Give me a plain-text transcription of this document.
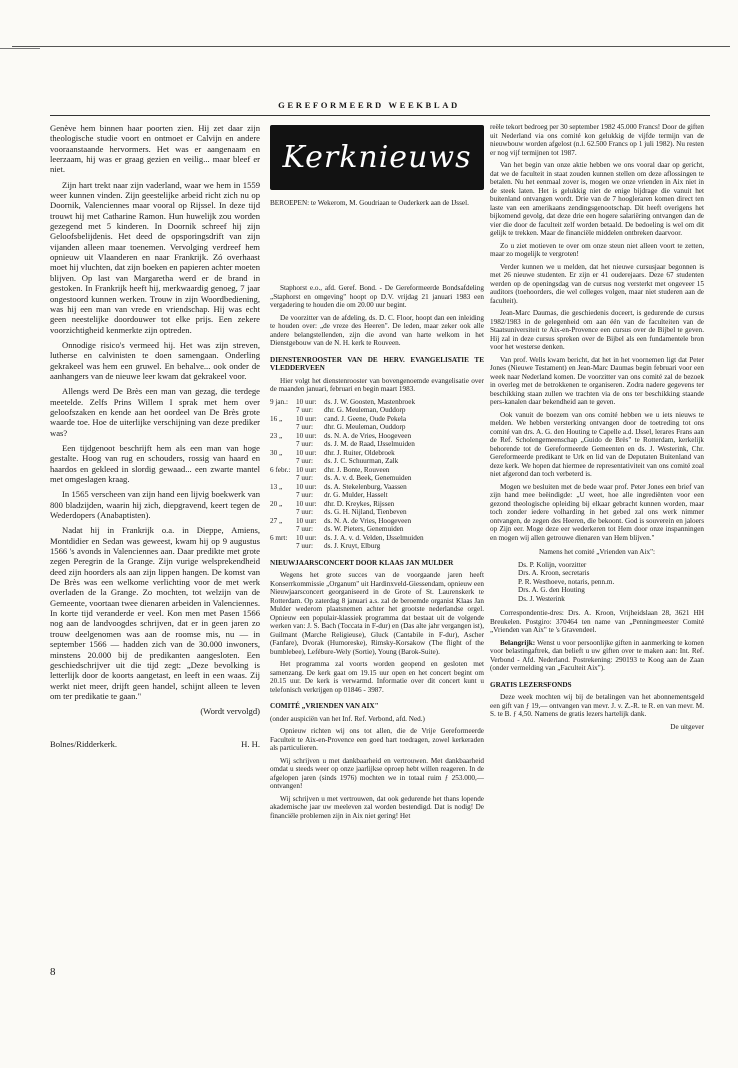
GEREFORMEERD WEEKBLAD

Genève hem binnen haar poorten zien. Hij zet daar zijn theologische studie voort en ontmoet er Calvijn en andere vooraanstaande hervormers. Het was er aangenaam en leerzaam, hij was er graag gezien en veilig... maar bleef er niet.

Zijn hart trekt naar zijn vaderland, waar we hem in 1559 weer kunnen vinden. Zijn geestelijke arbeid richt zich nu op Doornik, Valenciennes maar vooral op Rijssel. In deze tijd trouwt hij met Catharine Ramon. Hun huwelijk zou worden gezegend met 5 kinderen. In Doornik schreef hij zijn Geloofsbelijdenis. Het deed de opsporingsdrift van zijn vijanden alleen maar toenemen. Vervolging verdreef hem opnieuw uit Vlaanderen en naar Frankrijk. Zó overhaast moet hij vluchten, dat zijn boeken en papieren achter moeten blijven. Op last van Margaretha werd er de brand in gestoken. In Frankrijk heeft hij, merkwaardig genoeg, 7 jaar ongestoord kunnen werken. Trouw in zijn Woordbediening, was hij een man van vrede en vriendschap. Hij was echt geen neestelijke doordouwer tot elke prijs. Een zekere voorzichtigheid kenmerkte zijn optreden.

Onnodige risico's vermeed hij. Het was zijn streven, lutherse en calvinisten te doen samengaan. Onderling gekrakeel was hem een gruwel. En behalve... ook onder de aanhangers van de nieuwe leer kwam dat gekrakeel voor.

Allengs werd De Brès een man van gezag, die terdege meetelde. Zelfs Prins Willem I sprak met hem over geloofszaken en kende aan het oordeel van De Brès grote waarde toe. Hoe de uiterlijke verschijning van deze prediker was?

Een tijdgenoot beschrijft hem als een man van hoge gestalte. Hoog van rug en schouders, rossig van haard en haardos en gekleed in slordig gewaad... een zwarte mantel met omgeslagen kraag.

In 1565 verscheen van zijn hand een lijvig boekwerk van 800 bladzijden, waarin hij zich, diepgravend, keert tegen de Wederdopers (Anabaptisten).

Nadat hij in Frankrijk o.a. in Dieppe, Amiens, Montdidier en Sedan was geweest, kwam hij op 9 augustus 1566 's avonds in Valenciennes aan. Daar predikte met grote zegen Peregrin de la Grange. Zijn vurige welsprekendheid deed zijn hoorders als aan zijn lippen hangen. De komst van De Brès was een welkome verlichting voor de met werk overladen de la Grange. Zo mochten, tot welzijn van de Gemeente, voortaan twee dienaren arbeiden in Valenciennes. In korte tijd veranderde er veel. Kon men met Pasen 1566 nog aan de landvoogdes schrijven, dat er in geen jaren zo trouw deelgenomen was aan de roomse mis, nu — in september 1566 — hadden zich van de 30.000 inwoners, minstens 20.000 bij de predikanten aangesloten. Een geschiedschrijver uit die tijd zegt: „Deze bevolking is letterlijk door de koorts aangetast, en leeft in een waas. Zij werkt niet meer, drijft geen handel, schijnt alleen te leven om ter predikatie te gaan."

(Wordt vervolgd)
Bolnes/Ridderkerk.	H. H.
Kerknieuws
BEROEPEN: te Wekerom, M. Goudriaan te Ouderkerk aan de IJssel.

Staphorst e.o., afd. Geref. Bond. - De Gereformeerde Bondsafdeling „Staphorst en omgeving" hoopt op D.V. vrijdag 21 januari 1983 een vergadering te houden die om 20.00 uur begint.

De voorzitter van de afdeling, ds. D. C. Floor, hoopt dan een inleiding te houden over: „de vreze des Heeren". De leden, maar zeker ook alle andere belangstellenden, zijn die avond van harte welkom in het Dienstgebouw van de N. H. kerk te Rouveen.

DIENSTENROOSTER VAN DE HERV. EVANGELISATIE TE VLEDDERVEEN

Hier volgt het dienstenrooster van bovengenoemde evangelisatie over de maanden januari, februari en begin maart 1983.

9 jan.:	10 uur:	ds. J. W. Goosten, Mastenbroek
	7 uur:	dhr. G. Meuleman, Ouddorp
16 „	10 uur:	cand. J. Geene, Oude Pekela
	7 uur:	dhr. G. Meuleman, Ouddorp
23 „	10 uur:	ds. N. A. de Vries, Hoogeveen
	7 uur:	ds. J. M. de Raad, IJsselmuiden
30 „	10 uur:	dhr. J. Ruiter, Oldebroek
	7 uur:	ds. J. C. Schuurman, Zalk
6 febr.:	10 uur:	dhr. J. Bonte, Rouveen
	7 uur:	ds. A. v. d. Beek, Genemuiden
13 „	10 uur:	ds. A. Stekelenburg, Vaassen
	7 uur:	dr. G. Mulder, Hasselt
20 „	10 uur:	dhr. D. Kreykes, Rijssen
	7 uur:	ds. G. H. Nijland, Tienbeven
27 „	10 uur:	ds. N. A. de Vries, Hoogeveen
	7 uur:	ds. W. Pieters, Genemuiden
6 mrt:	10 uur:	ds. J. A. v. d. Velden, IJsselmuiden
	7 uur:	ds. J. Kruyt, Elburg
NIEUWJAARSCONCERT DOOR KLAAS JAN MULDER

Wegens het grote succes van de voorgaande jaren heeft Konserrkommissie „Organum" uit Hardinxveld-Giessendam, opnieuw een Nieuwjaarsconcert georganiseerd in de Grote of St. Laurenskerk te Rotterdam. Op zaterdag 8 januari a.s. zal de beroemde organist Klaas Jan Mulder wederom plaatsnemen achter het grootste nederlandse orgel. Opnieuw een populair-klassiek programma dat bestaat uit de volgende werken van: J. S. Bach (Toccata in F-dur) en (Das alte jahr vergangen ist), Guilmant (Marche Religieuse), Gluck (Cantabile in F-dur), Ascher (Fanfare), Dvorak (Humoreske), Rimsky-Korsakow (The flight of the bumblebee), Lefébure-Wely (Sortie), Young (Barok-Suite).

Het programma zal voorts worden geopend en gesloten met samenzang. De kerk gaat om 19.15 uur open en het concert begint om 20.15 uur. De kerk is verwarmd. Informatie over dit concert kunt u telefonisch verkrijgen op 01846 - 3987.

COMITÉ „VRIENDEN VAN AIX"

(onder auspiciën van het Inf. Ref. Verbond, afd. Ned.)

Opnieuw richten wij ons tot allen, die de Vrije Gereformeerde Faculteit te Aix-en-Provence een goed hart toedragen, zowel kerkeraden als particulieren.

Wij schrijven u met dankbaarheid en vertrouwen. Met dankbaarheid omdat u steeds weer op onze jaarlijkse oproep hebt willen reageren. In de afgelopen jaren (sinds 1976) mochten we in totaal ruim ƒ 253.000,— ontvangen!

Wij schrijven u met vertrouwen, dat ook gedurende het thans lopende akademische jaar uw meeleven zal worden bestendigd. Dat is nodig! De financiële problemen zijn in Aix niet gering! Het

reële tekort bedroeg per 30 september 1982 45.000 Francs! Door de giften uit Nederland via ons comité kon gelukkig de vijfde termijn van de nieuwbouw worden afgelost (n.l. 62.500 Francs op 1 juli 1982). Nu resten er nog vijf termijnen tot 1987.

Van het begin van onze aktie hebben we ons vooral daar op gericht, dat we de faculteit in staat zouden kunnen stellen om deze aflossingen te betalen. Nu het eenmaal zover is, mogen we onze vrienden in Aix niet in de steek laten. Het is gelukkig niet de enige bijdrage die vanuit het buitenland ontvangen wordt. Drie van de 7 hoogleraren komen direct ten laste van een amerikaans zendingsgenootschap. Dit heeft overigens het bijkomend gevolg, dat deze drie een hogere salariëring ontvangen dan de vier die door de faculteit zelf worden betaald. De bedoeling is wel om dit gelijk te trekken. Maar de financiële middelen ontbreken daarvoor.

Zo u ziet motieven te over om onze steun niet alleen voort te zetten, maar zo mogelijk te vergroten!

Verder kunnen we u melden, dat het nieuwe cursusjaar begonnen is met 26 nieuwe studenten. Er zijn er 41 ouderejaars. Deze 67 studenten werden op de openingsdag van de cursus nog versterkt met ongeveer 15 auditors (toehoorders, die wel colleges volgen, maar niet studeren aan de faculteit).

Jean-Marc Daumas, die geschiedenis doceert, is gedurende de cursus 1982/1983 in de gelegenheid om aan één van de faculteiten van de Staatsuniversiteit te Aix-en-Provence een cursus over de Bijbel te geven. Hij zal in deze cursus spreken over de Bijbel als een fundamentele bron voor het westerse denken.

Van prof. Wells kwam bericht, dat het in het voornemen ligt dat Peter Jones (Nieuwe Testament) en Jean-Marc Daumas begin februari voor een week naar Nederland komen. De voorzitter van ons comité zal de bezoek in overleg met de betrokkenen te organiseren. Zodra nadere gegevens ter beschikking staan zullen we trachten via de ons ter beschikking staande pers-kanalen daar bekendheid aan te geven.

Ook vanuit de boezem van ons comité hebben we u iets nieuws te melden. We hebben versterking ontvangen door de toetreding tot ons comité van drs. A. G. den Houting te Capelle a.d. IJssel, lerares Frans aan de Ref. Scholengemeenschap „Guido de Brès" te Rotterdam, kerkelijk behorende tot de Gereformeerde Gemeenten en ds. J. Westerink, Chr. Gereformeerde predikant te Urk en lid van de Deputaten Buitenland van deze kerk. We hopen dat hiermee de representativiteit van ons comité zoal niet afgerond dan toch verbeterd is.

Mogen we besluiten met de bede waar prof. Peter Jones een brief van zijn hand mee beëindigde: „U weet, hoe alle ingrediënten voor een gezond theologische opleiding bij elkaar gebracht kunnen worden, maar toch zonder iedere volharding in het gebed zal ons werk nimmer ontvangen, de zegen des Heeren, die bekoont. God is souverein en jaloers op Zijn eer. Moge deze eer wederkeren tot Hem door onze inspanningen en mogen wij allen getrouwe dienaren van Hem blijven."

Namens het comité „Vrienden van Aix":
Ds. P. Kolijn, voorzitter
Drs. A. Kroon, secretaris
P. R. Westhoeve, notaris, penn.m.
Drs. A. G. den Houting
Ds. J. Westerink

Correspondentie-dres: Drs. A. Kroon, Vrijheidslaan 28, 3621 HH Breukelen. Postgiro: 370464 ten name van „Penningmeester Comité „Vrienden van Aix" te 's Gravendeel.

Belangrijk: Wenst u voor persoonlijke giften in aanmerking te komen voor belastingaftrek, dan belieft u uw giften over te maken aan: Int. Ref. Verbond - Afd. Nederland. Postrekening: 290193 te Koog aan de Zaan (onder vermelding van „Faculteit Aix").

GRATIS LEZERSFONDS

Deze week mochten wij bij de betalingen van het abonnementsgeld een gift van ƒ 19,— ontvangen van mevr. J. v. Z.-R. te R. en van mevr. M. S. te B. ƒ 4,50. Namens de gratis lezers hartelijk dank.

De uitgever
8
